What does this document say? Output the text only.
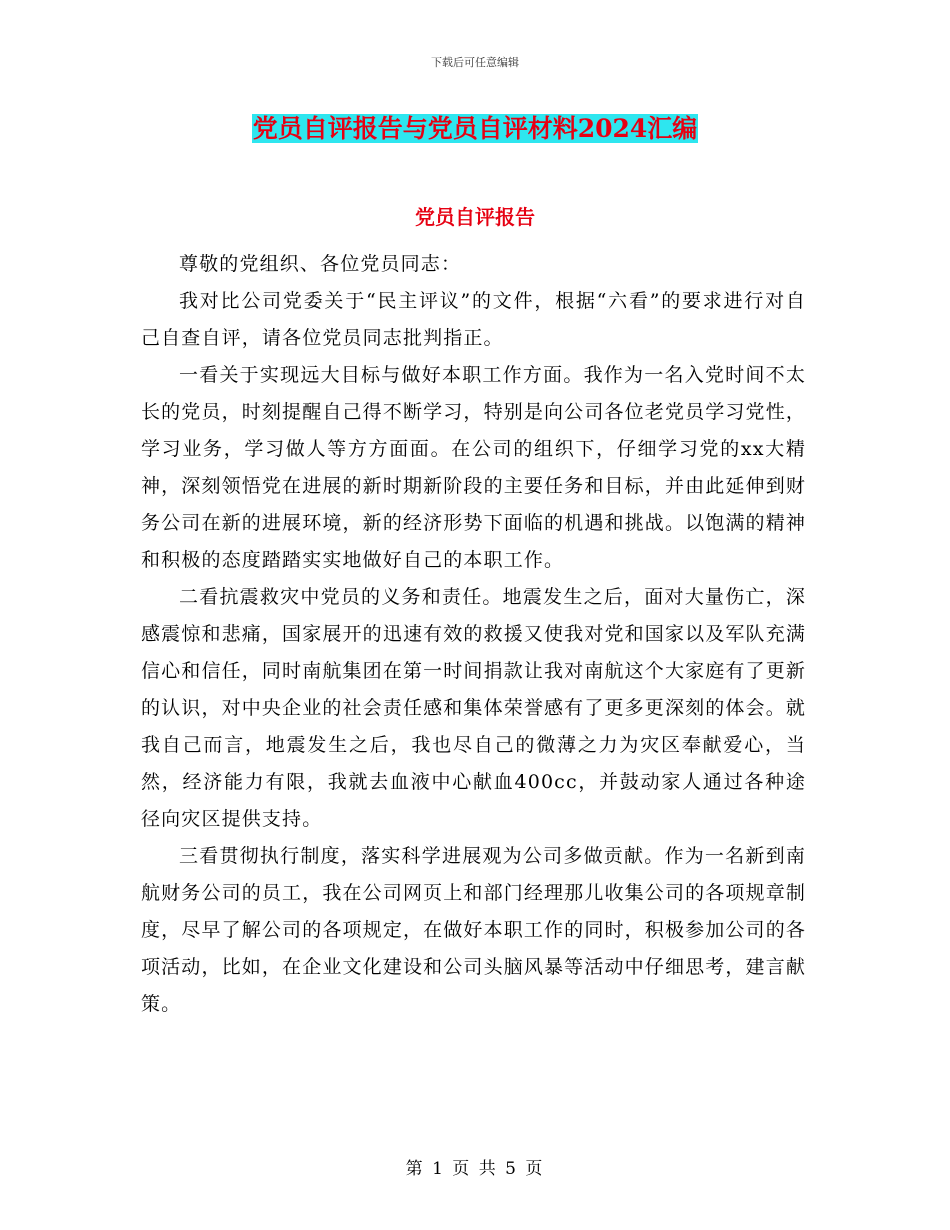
下载后可任意编辑
党员自评报告与党员自评材料2024汇编
党员自评报告

尊敬的党组织、各位党员同志：

我对比公司党委关于“民主评议”的文件，根据“六看”的要求进行对自己自查自评，请各位党员同志批判指正。

一看关于实现远大目标与做好本职工作方面。我作为一名入党时间不太长的党员，时刻提醒自己得不断学习，特别是向公司各位老党员学习党性，学习业务，学习做人等方方面面。在公司的组织下，仔细学习党的xx大精神，深刻领悟党在进展的新时期新阶段的主要任务和目标，并由此延伸到财务公司在新的进展环境，新的经济形势下面临的机遇和挑战。以饱满的精神和积极的态度踏踏实实地做好自己的本职工作。

二看抗震救灾中党员的义务和责任。地震发生之后，面对大量伤亡，深感震惊和悲痛，国家展开的迅速有效的救援又使我对党和国家以及军队充满信心和信任，同时南航集团在第一时间捐款让我对南航这个大家庭有了更新的认识，对中央企业的社会责任感和集体荣誉感有了更多更深刻的体会。就我自己而言，地震发生之后，我也尽自己的微薄之力为灾区奉献爱心，当然，经济能力有限，我就去血液中心献血400cc，并鼓动家人通过各种途径向灾区提供支持。

三看贯彻执行制度，落实科学进展观为公司多做贡献。作为一名新到南航财务公司的员工，我在公司网页上和部门经理那儿收集公司的各项规章制度，尽早了解公司的各项规定，在做好本职工作的同时，积极参加公司的各项活动，比如，在企业文化建设和公司头脑风暴等活动中仔细思考，建言献策。

第 1 页 共 5 页
